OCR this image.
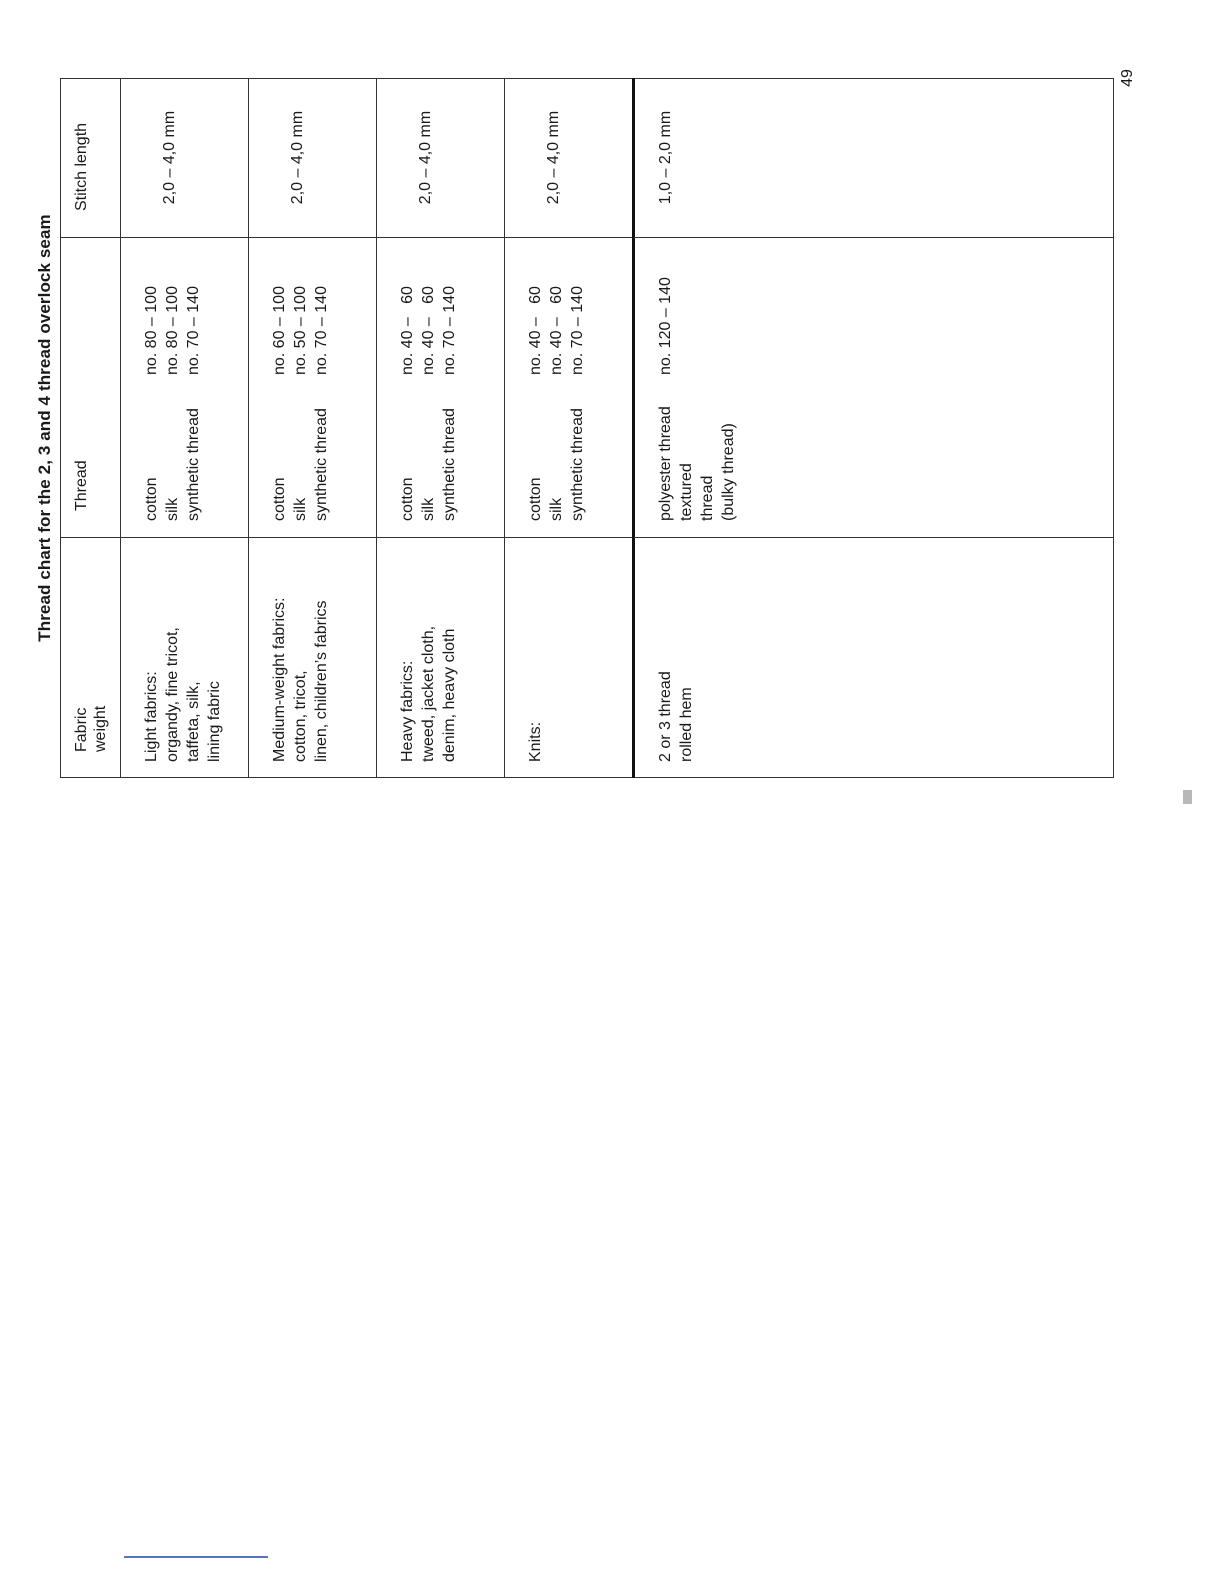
Thread chart for the 2, 3 and 4 thread overlock seam
Fabric weight
Thread
Stitch length
Light fabrics: organdy, fine tricot, taffeta, silk, lining fabric
cottonno. 80 – 100
silkno. 80 – 100
synthetic threadno. 70 – 140
2,0 – 4,0 mm
Medium-weight fabrics: cotton, tricot, linen, children’s fabrics
cottonno. 60 – 100
silkno. 50 – 100
synthetic threadno. 70 – 140
2,0 – 4,0 mm
Heavy fabrics: tweed, jacket cloth, denim, heavy cloth
cottonno. 40 –   60
silkno. 40 –   60
synthetic threadno. 70 – 140
2,0 – 4,0 mm
Knits:
cottonno. 40 –   60
silkno. 40 –   60
synthetic threadno. 70 – 140
2,0 – 4,0 mm
2 or 3 thread rolled hem
polyester threadno. 120 – 140
textured thread (bulky thread)
1,0 – 2,0 mm
49
